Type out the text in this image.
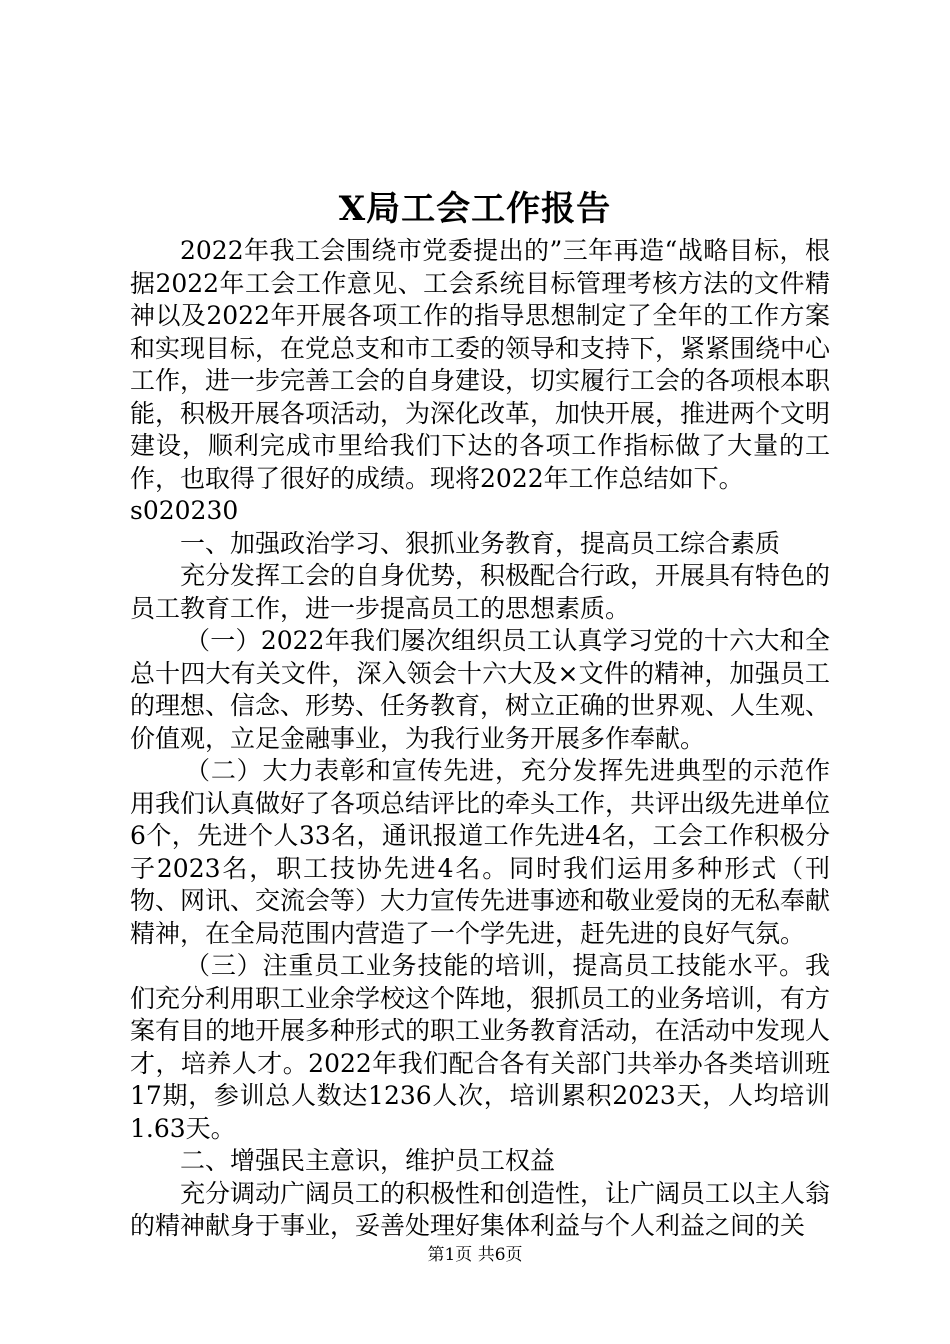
X局工会工作报告

2022年我工会围绕市党委提出的”三年再造“战略目标，根据2022年工会工作意见、工会系统目标管理考核方法的文件精神以及2022年开展各项工作的指导思想制定了全年的工作方案和实现目标，在党总支和市工委的领导和支持下，紧紧围绕中心工作，进一步完善工会的自身建设，切实履行工会的各项根本职能，积极开展各项活动，为深化改革，加快开展，推进两个文明建设，顺利完成市里给我们下达的各项工作指标做了大量的工作，也取得了很好的成绩。现将2022年工作总结如下。

s020230

一、加强政治学习、狠抓业务教育，提高员工综合素质

充分发挥工会的自身优势，积极配合行政，开展具有特色的员工教育工作，进一步提高员工的思想素质。

（一）2022年我们屡次组织员工认真学习党的十六大和全总十四大有关文件，深入领会十六大及×文件的精神，加强员工的理想、信念、形势、任务教育，树立正确的世界观、人生观、价值观，立足金融事业，为我行业务开展多作奉献。

（二）大力表彰和宣传先进，充分发挥先进典型的示范作用我们认真做好了各项总结评比的牵头工作，共评出级先进单位6个，先进个人33名，通讯报道工作先进4名，工会工作积极分子2023名，职工技协先进4名。同时我们运用多种形式（刊物、网讯、交流会等）大力宣传先进事迹和敬业爱岗的无私奉献精神，在全局范围内营造了一个学先进，赶先进的良好气氛。

（三）注重员工业务技能的培训，提高员工技能水平。我们充分利用职工业余学校这个阵地，狠抓员工的业务培训，有方案有目的地开展多种形式的职工业务教育活动，在活动中发现人才，培养人才。2022年我们配合各有关部门共举办各类培训班17期，参训总人数达1236人次，培训累积2023天，人均培训1.63天。

二、增强民主意识，维护员工权益

充分调动广阔员工的积极性和创造性，让广阔员工以主人翁的精神献身于事业，妥善处理好集体利益与个人利益之间的关

第1页 共6页
